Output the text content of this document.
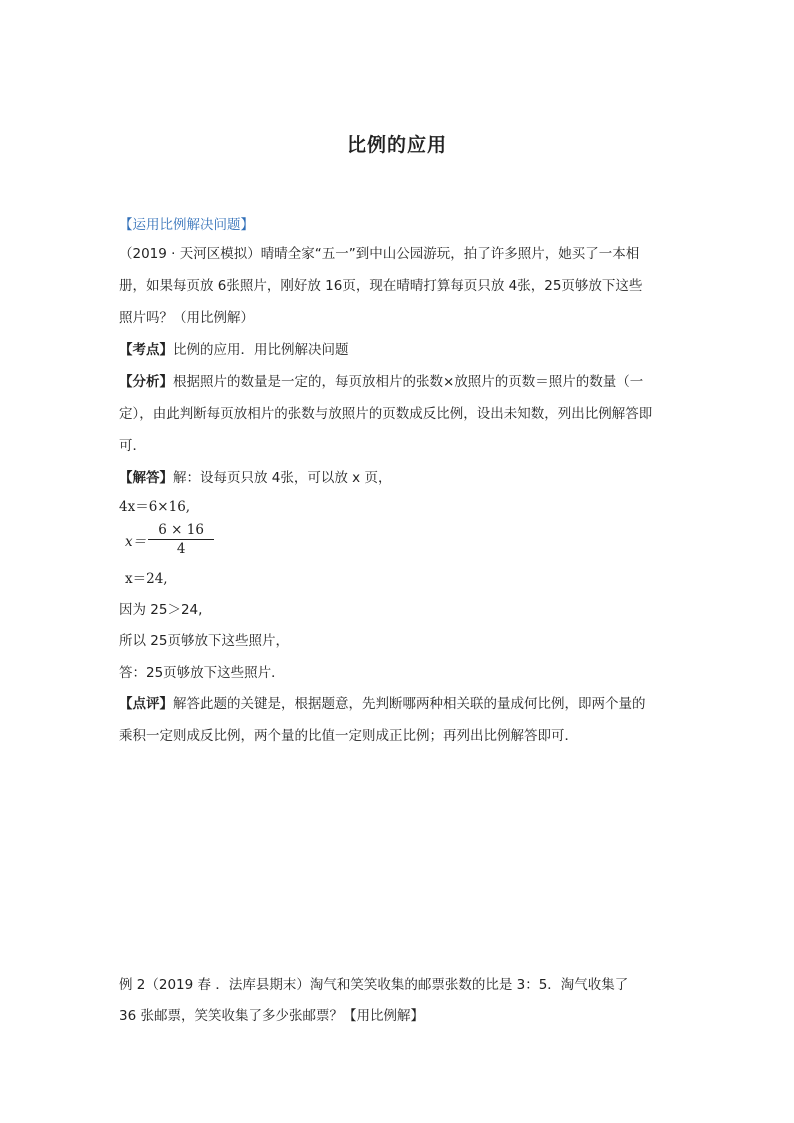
比例的应用
【运用比例解决问题】
（2019 · 天河区模拟）晴晴全家“五一”到中山公园游玩，拍了许多照片，她买了一本相
册，如果每页放 6张照片，刚好放 16页，现在晴晴打算每页只放 4张，25页够放下这些
照片吗？（用比例解）
【考点】比例的应用．用比例解决问题
【分析】根据照片的数量是一定的，每页放相片的张数×放照片的页数＝照片的数量（一
定），由此判断每页放相片的张数与放照片的页数成反比例，设出未知数，列出比例解答即
可．
【解答】解：设每页只放 4张，可以放 x 页，
4x＝6×16,
$x= \frac{6 \times 16}{4}$
x＝24,
因为 25＞24,
所以 25页够放下这些照片，
答：25页够放下这些照片．
【点评】解答此题的关键是，根据题意，先判断哪两种相关联的量成何比例，即两个量的
乘积一定则成反比例，两个量的比值一定则成正比例；再列出比例解答即可．
例 2（2019 春 ．法库县期末）淘气和笑笑收集的邮票张数的比是 3：5．淘气收集了
36 张邮票，笑笑收集了多少张邮票？【用比例解】
